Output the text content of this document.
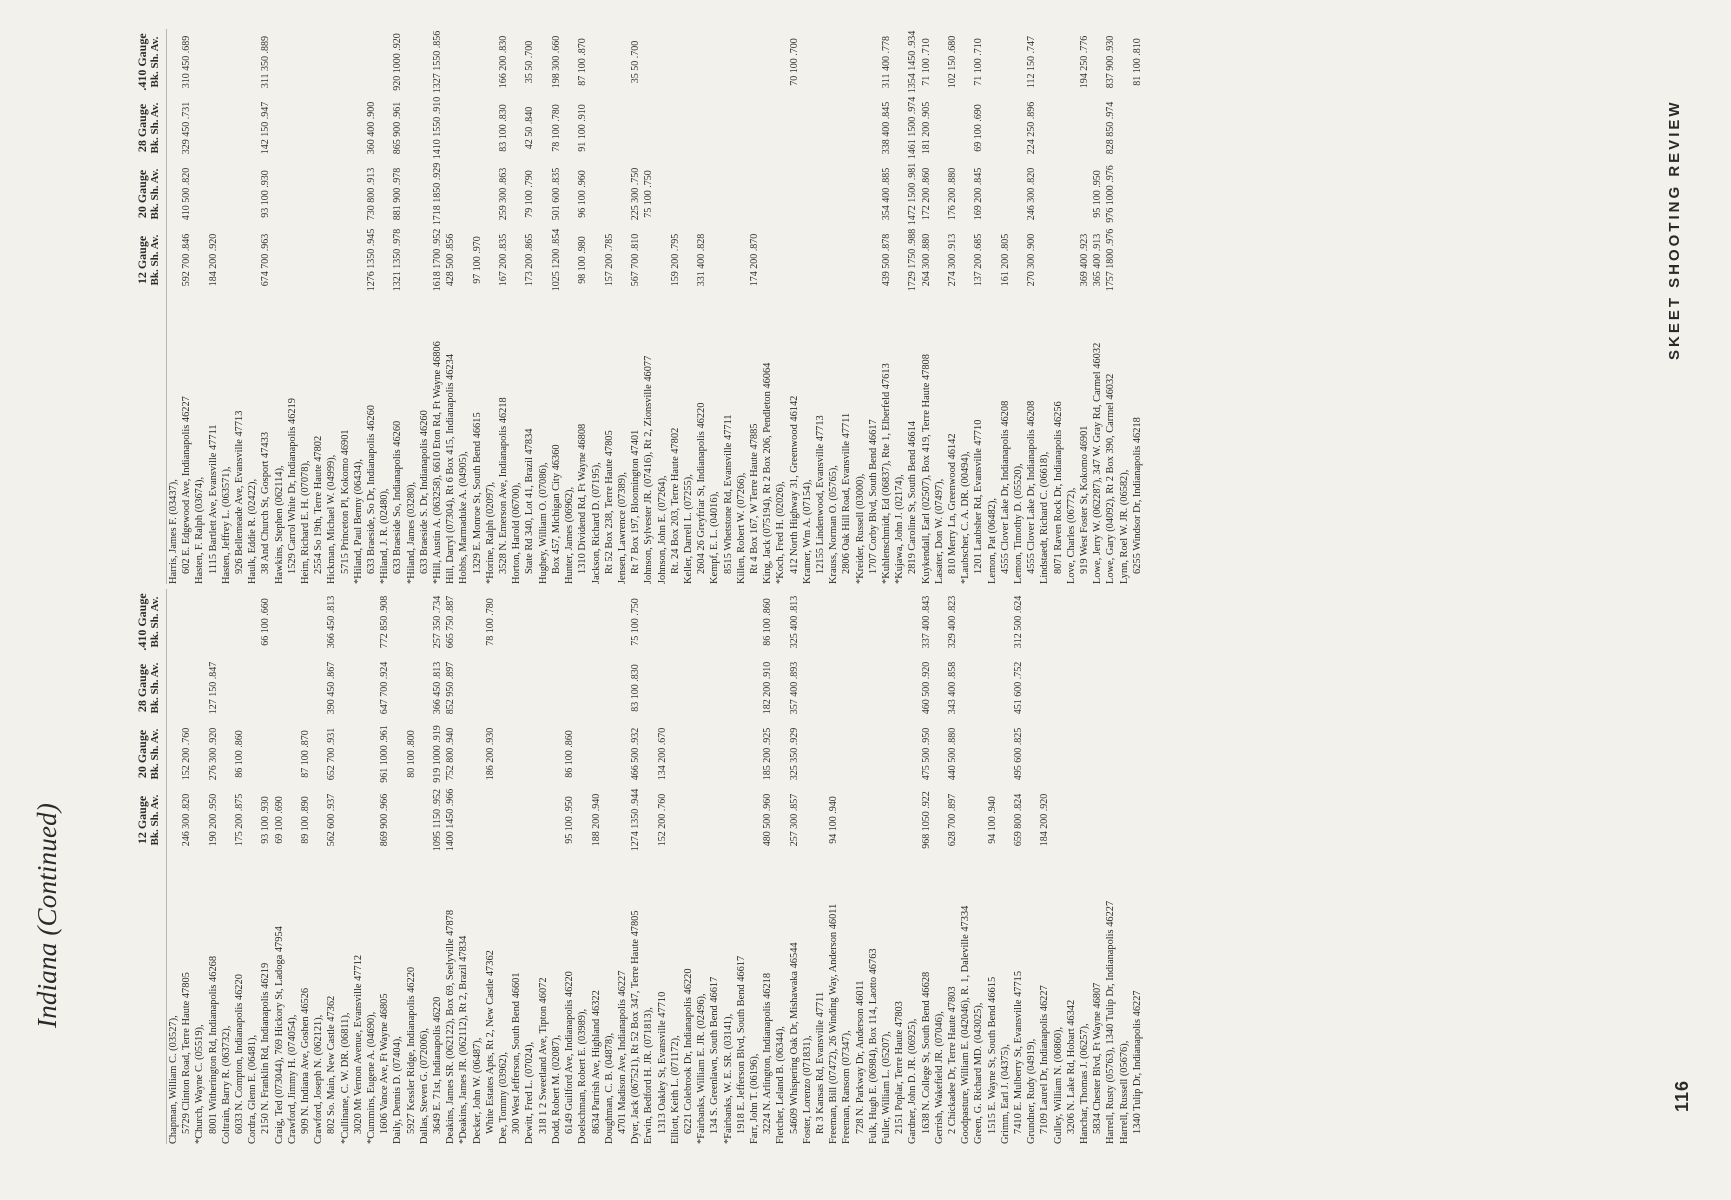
Indiana (Continued)	12 Gauge Bk. Sh. Av.
20 Gauge Bk. Sh. Av.
28 Gauge Bk. Sh. Av.
.410 Gauge Bk. Sh. Av.
Chapman, William C. (03527), 5729 Clinton Road, Terre Haute 47805
246 300 .820
152 200 .760
*Church, Wayne C. (05519), 8001 Witherington Rd, Indianapolis 46268
190 200 .950
276 300 .920
127 150 .847
Coltrain, Barry R. (063732), 6033 N. Compton, Indianapolis 46220
175 200 .875
86 100 .860
Cordra, Glenn E. (06481), 2150 N. Franklin Rd, Indianapolis 46219
93 100 .930
66 100 .660
Craig, Ted (073044), 769 Hickory St, Ladoga 47954
69 100 .690
Crawford, Jimmy H. (074054), 909 N. Indiana Ave, Goshen 46526
89 100 .890
87 100 .870
Crawford, Joseph N. (062121), 802 So. Main, New Castle 47362
562 600 .937
652 700 .931
390 450 .867
366 450 .813
*Cullinane, C. W. DR. (06811), 3020 Mt Vernon Avenue, Evansville 47712 *Cummins, Eugene A. (04690), 1606 Vance Ave, Ft Wayne 46805
869 900 .966
961 1000 .961
647 700 .924
772 850 .908
Daily, Dennis D. (07404), 5927 Kessler Ridge, Indianapolis 46220
80 100 .800
Dallas, Steven G. (072006), 3649 E. 71st, Indianapolis 46220
1095 1150 .952
919 1000 .919
366 450 .813
257 350 .734
Deakins, James SR. (062122), Box 69, Seelyville 47878
1400 1450 .966
752 800 .940
852 950 .897
665 750 .887
*Deakins, James JR. (062112), Rt 2, Brazil 47834 Decker, John W. (06487), White Estates Apts, Rt 2, New Castle 47362
186 200 .930
78 100 .780
Dee, Tommy (03962), 300 West Jefferson, South Bend 46601 Dewitt, Fred L. (07024), 318 1 2 Sweetland Ave, Tipton 46072 Dodd, Robert M. (02087), 6149 Guilford Ave, Indianapolis 46220
95 100 .950
86 100 .860
Doelschman, Robert E. (03989), 8634 Parrish Ave, Highland 46322
188 200 .940
Doughman, C. B. (04878), 4701 Madison Ave, Indianapolis 46227 Dyer, Jack (067521), Rt 52 Box 347, Terre Haute 47805
1274 1350 .944
466 500 .932
83 100 .830
75 100 .750
Erwin, Bedford H. JR. (071813), 1313 Oakley St, Evansville 47710
152 200 .760
134 200 .670
Elliott, Keith L. (071172), 6221 Colebrook Dr, Indianapolis 46220 *Fairbanks, William E. JR. (02496), 134 S. Greenlawn, South Bend 46617 *Fairbanks, W. E. SR. (03141), 1918 E. Jefferson Blvd, South Bend 46617 Farr, John T. (06196), 3224 N. Arlington, Indianapolis 46218
480 500 .960
185 200 .925
182 200 .910
86 100 .860
Fletcher, Leland B. (06344), 54609 Whispering Oak Dr, Mishawaka 46544
257 300 .857
325 350 .929
357 400 .893
325 400 .813
Foster, Lorenzo (071831), Rt 3 Kansas Rd, Evansville 47711 Freeman, Bill (07472), 26 Winding Way, Anderson 46011
94 100 .940
Freeman, Ransom (07347), 728 N. Parkway Dr, Anderson 46011 Fulk, Hugh E. (06984), Box 114, Laotto 46763 Fuller, William L. (05207), 2151 Poplar, Terre Haute 47803 Gardner, John D. JR. (06925), 1638 N. College St, South Bend 46628
968 1050 .922
475 500 .950
460 500 .920
337 400 .843
Gerrish, Wakefield JR. (07046), 2 Chickadee Dr, Terre Haute 47803
628 700 .897
440 500 .880
343 400 .858
329 400 .823
Goodpasture, William E. (042046), R. 1, Daleville 47334 Green, G. Richard MD. (043025), 1515 E. Wayne St, South Bend 46615
94 100 .940
Grimm, Earl J. (04375), 7410 E. Mulberry St, Evansville 47715
659 800 .824
495 600 .825
451 600 .752
312 500 .624
Grundner, Rudy (04919), 7109 Laurel Dr, Indianapolis 46227
184 200 .920
Gulley, William N. (06860), 3206 N. Lake Rd, Hobart 46342 Hanchar, Thomas J. (06257), 5834 Chester Blvd, Ft Wayne 46807 Harrell, Rusty (05763), 1340 Tulip Dr, Indianapolis 46227 Harrell, Russell (05676), 1340 Tulip Dr, Indianapolis 46227
12 Gauge Bk. Sh. Av.
20 Gauge Bk. Sh. Av.
28 Gauge Bk. Sh. Av.
.410 Gauge Bk. Sh. Av.
Harris, James F. (03437), 602 E. Edgewood Ave, Indianapolis 46227
592 700 .846
410 500 .820
329 450 .731
310 450 .689
Hasten, F. Ralph (03674), 1115 Bartlett Ave, Evansville 47711
184 200 .920
Hasten, Jeffrey L. (063571), 926 Bellemeade Ave, Evansville 47713 Haulk, Eddie R. (02422), 38 And Church St, Gosport 47433
674 700 .963
93 100 .930
142 150 .947
311 350 .889
Hawkins, Stephen (062114), 1529 Carrol White Dr, Indianapolis 46219 Heim, Richard E. H. (07078), 2554 So 19th, Terre Haute 47802 Hickman, Michael W. (04999), 5715 Princeton Pl, Kokomo 46901 *Hiland, Paul Benny (06434), 633 Braeside, So Dr, Indianapolis 46260
1276 1350 .945
730 800 .913
360 400 .900
*Hiland, J. R. (02480), 633 Braeside So, Indianapolis 46260
1321 1350 .978
881 900 .978
865 900 .961
920 1000 .920
*Hiland, James (03280), 633 Braeside S. Dr, Indianapolis 46260 *Hill, Austin A. (063258), 6610 Eton Rd, Ft Wayne 46806
1618 1700 .952
1718 1850 .929
1410 1550 .910
1327 1550 .856
Hill, Darryl (07304), Rt 6 Box 415, Indianapolis 46234
428 500 .856
Hobbs, Marmaduke A. (04905), 1329 E. Monroe St, South Bend 46615
97 100 .970
*Horine, Ralph (02097), 3528 N. Emerson Ave, Indianapolis 46218
167 200 .835
259 300 .863
83 100 .830
166 200 .830
Horton, Harold (06700), State Rd 340, Lot 41, Brazil 47834
173 200 .865
79 100 .790
42 50 .840
35 50 .700
Hughey, William O. (07086), Box 457, Michigan City 46360
1025 1200 .854
501 600 .835
78 100 .780
198 300 .660
Hunter, James (06962), 1310 Dividend Rd, Ft Wayne 46808
98 100 .980
96 100 .960
91 100 .910
87 100 .870
Jackson, Richard D. (07195), Rt 52 Box 238, Terre Haute 47805
157 200 .785
Jensen, Lawrence (07389), Rt 7 Box 197, Bloomington 47401
567 700 .810
225 300 .750
35 50 .700
Johnson, Sylvester JR. (07416), Rt 2, Zionsville 46077
75 100 .750
Johnson, John E. (07264), Rt. 24 Box 203, Terre Haute 47802
159 200 .795
Keller, Darrell L. (07255), 2604 26 Greyfriar St, Indianapolis 46220
331 400 .828
Kempf, E. L. (04016), 8515 Whetstone Rd, Evansville 47711 Killen, Robert W. (07266), Rt 4 Box 167, W Terre Haute 47885
174 200 .870
King, Jack (075194), Rt 2 Box 206, Pendleton 46064 *Koch, Fred H. (02026), 412 North Highway 31, Greenwood 46142
70 100 .700
Kramer, Wm A. (07154), 12155 Lindenwood, Evansville 47713 Krauss, Norman O. (05765), 2806 Oak Hill Road, Evansville 47711 *Kreider, Russell (03000), 1707 Corby Blvd, South Bend 46617 *Kuhlenschmidt, Ed (06837), Rte 1, Elberfeld 47613
439 500 .878
354 400 .885
338 400 .845
311 400 .778
*Kujawa, John J. (02174), 2819 Caroline St, South Bend 46614
1729 1750 .988
1472 1500 .981
1461 1500 .974
1354 1450 .934
Kuykendall, Earl (02507), Box 419, Terre Haute 47808
264 300 .880
172 200 .860
181 200 .905
71 100 .710
Lasater, Don W. (07497), 810 Merry Ln, Greenwood 46142
274 300 .913
176 200 .880
102 150 .680
*Laubscher, C. A. DR. (00494), 1201 Laubsher Rd, Evansville 47710
137 200 .685
169 200 .845
69 100 .690
71 100 .710
Lemon, Pat (06482), 4555 Clover Lake Dr, Indianapolis 46208
161 200 .805
Lemon, Timothy D. (05520), 4555 Clover Lake Dr, Indianapolis 46208
270 300 .900
246 300 .820
224 250 .896
112 150 .747
Lindstaedt, Richard C. (06618), 8071 Raven Rock Dr, Indianapolis 46256 Love, Charles (06772), 919 West Foster St, Kokomo 46901
369 400 .923
194 250 .776
Lowe, Jerry W. (062287), 347 W. Gray Rd, Carmel 46032
365 400 .913
95 100 .950
Lowe, Gary (04092), Rt 2 Box 390, Carmel 46032
1757 1800 .976
976 1000 .976
828 850 .974
837 900 .930
Lynn, Roel W. JR. (06582), 6255 Windsor Dr, Indianapolis 46218
81 100 .810
116
SKEET SHOOTING REVIEW
